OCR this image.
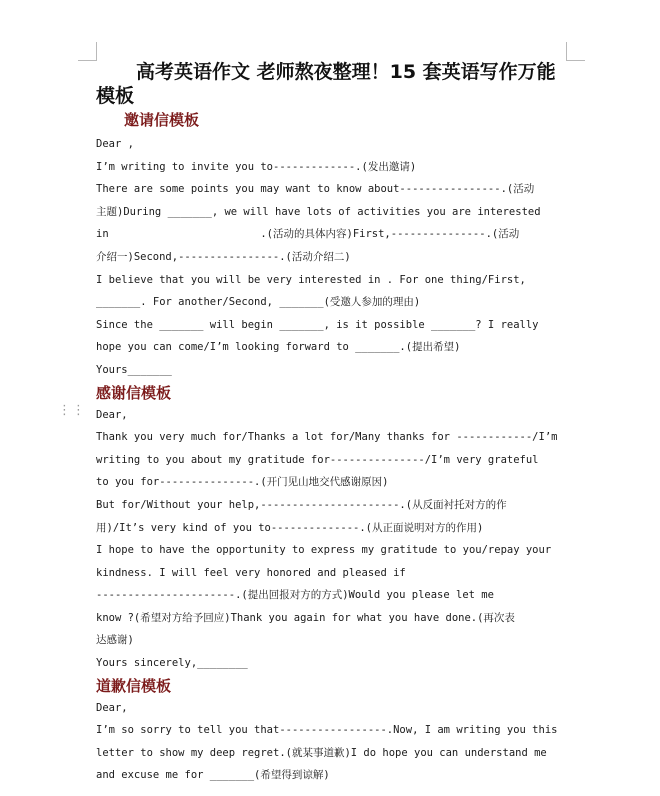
⋮⋮

高考英语作文 老师熬夜整理！15 套英语写作万能模板

邀请信模板
Dear ,
I’m writing to invite you to-------------.(发出邀请)
There are some points you may want to know about----------------.(活动
主题)During _______, we will have lots of activities you are interested
in                        .(活动的具体内容)First,---------------.(活动
介绍一)Second,----------------.(活动介绍二)
I believe that you will be very interested in . For one thing/First,
_______. For another/Second, _______(受邀人参加的理由)
Since the _______ will begin _______, is it possible _______? I really
hope you can come/I’m looking forward to _______.(提出希望)
Yours_______
感谢信模板
Dear,
Thank you very much for/Thanks a lot for/Many thanks for ------------/I’m
writing to you about my gratitude for---------------/I’m very grateful
to you for---------------.(开门见山地交代感谢原因)
But for/Without your help,----------------------.(从反面衬托对方的作
用)/It’s very kind of you to--------------.(从正面说明对方的作用)
I hope to have the opportunity to express my gratitude to you/repay your
kindness. I will feel very honored and pleased if
----------------------.(提出回报对方的方式)Would you please let me
know ?(希望对方给予回应)Thank you again for what you have done.(再次表
达感谢)
Yours sincerely,________
道歉信模板
Dear,
I’m so sorry to tell you that-----------------.Now, I am writing you this
letter to show my deep regret.(就某事道歉)I do hope you can understand me
and excuse me for _______(希望得到谅解)
